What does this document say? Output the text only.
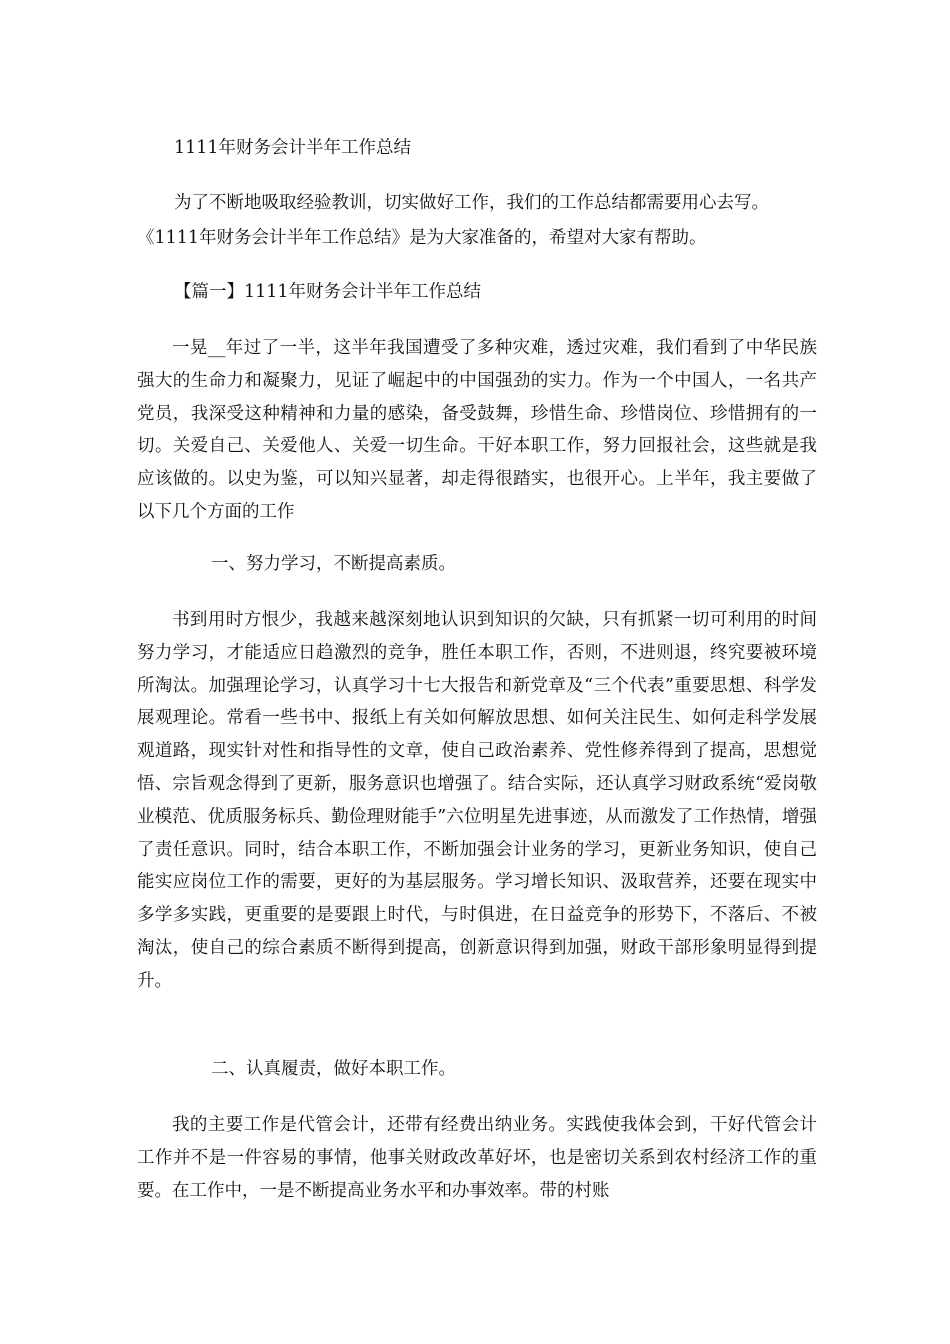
1111年财务会计半年工作总结
为了不断地吸取经验教训，切实做好工作，我们的工作总结都需要用心去写。
《1111年财务会计半年工作总结》是为大家准备的，希望对大家有帮助。
【篇一】1111年财务会计半年工作总结

一晃__年过了一半，这半年我国遭受了多种灾难，透过灾难，我们看到了中华民族强大的生命力和凝聚力，见证了崛起中的中国强劲的实力。作为一个中国人，一名共产党员，我深受这种精神和力量的感染，备受鼓舞，珍惜生命、珍惜岗位、珍惜拥有的一切。关爱自己、关爱他人、关爱一切生命。干好本职工作，努力回报社会，这些就是我应该做的。以史为鉴，可以知兴显著，却走得很踏实，也很开心。上半年，我主要做了以下几个方面的工作

一、努力学习，不断提高素质。

书到用时方恨少，我越来越深刻地认识到知识的欠缺，只有抓紧一切可利用的时间努力学习，才能适应日趋激烈的竞争，胜任本职工作，否则，不进则退，终究要被环境所淘汰。加强理论学习，认真学习十七大报告和新党章及“三个代表”重要思想、科学发展观理论。常看一些书中、报纸上有关如何解放思想、如何关注民生、如何走科学发展观道路，现实针对性和指导性的文章，使自己政治素养、党性修养得到了提高，思想觉悟、宗旨观念得到了更新，服务意识也增强了。结合实际，还认真学习财政系统“爱岗敬业模范、优质服务标兵、勤俭理财能手”六位明星先进事迹，从而激发了工作热情，增强了责任意识。同时，结合本职工作，不断加强会计业务的学习，更新业务知识，使自己能实应岗位工作的需要，更好的为基层服务。学习增长知识、汲取营养，还要在现实中多学多实践，更重要的是要跟上时代，与时俱进，在日益竞争的形势下，不落后、不被淘汰，使自己的综合素质不断得到提高，创新意识得到加强，财政干部形象明显得到提升。

二、认真履责，做好本职工作。

我的主要工作是代管会计，还带有经费出纳业务。实践使我体会到，干好代管会计工作并不是一件容易的事情，他事关财政改革好坏，也是密切关系到农村经济工作的重要。在工作中，一是不断提高业务水平和办事效率。带的村账
